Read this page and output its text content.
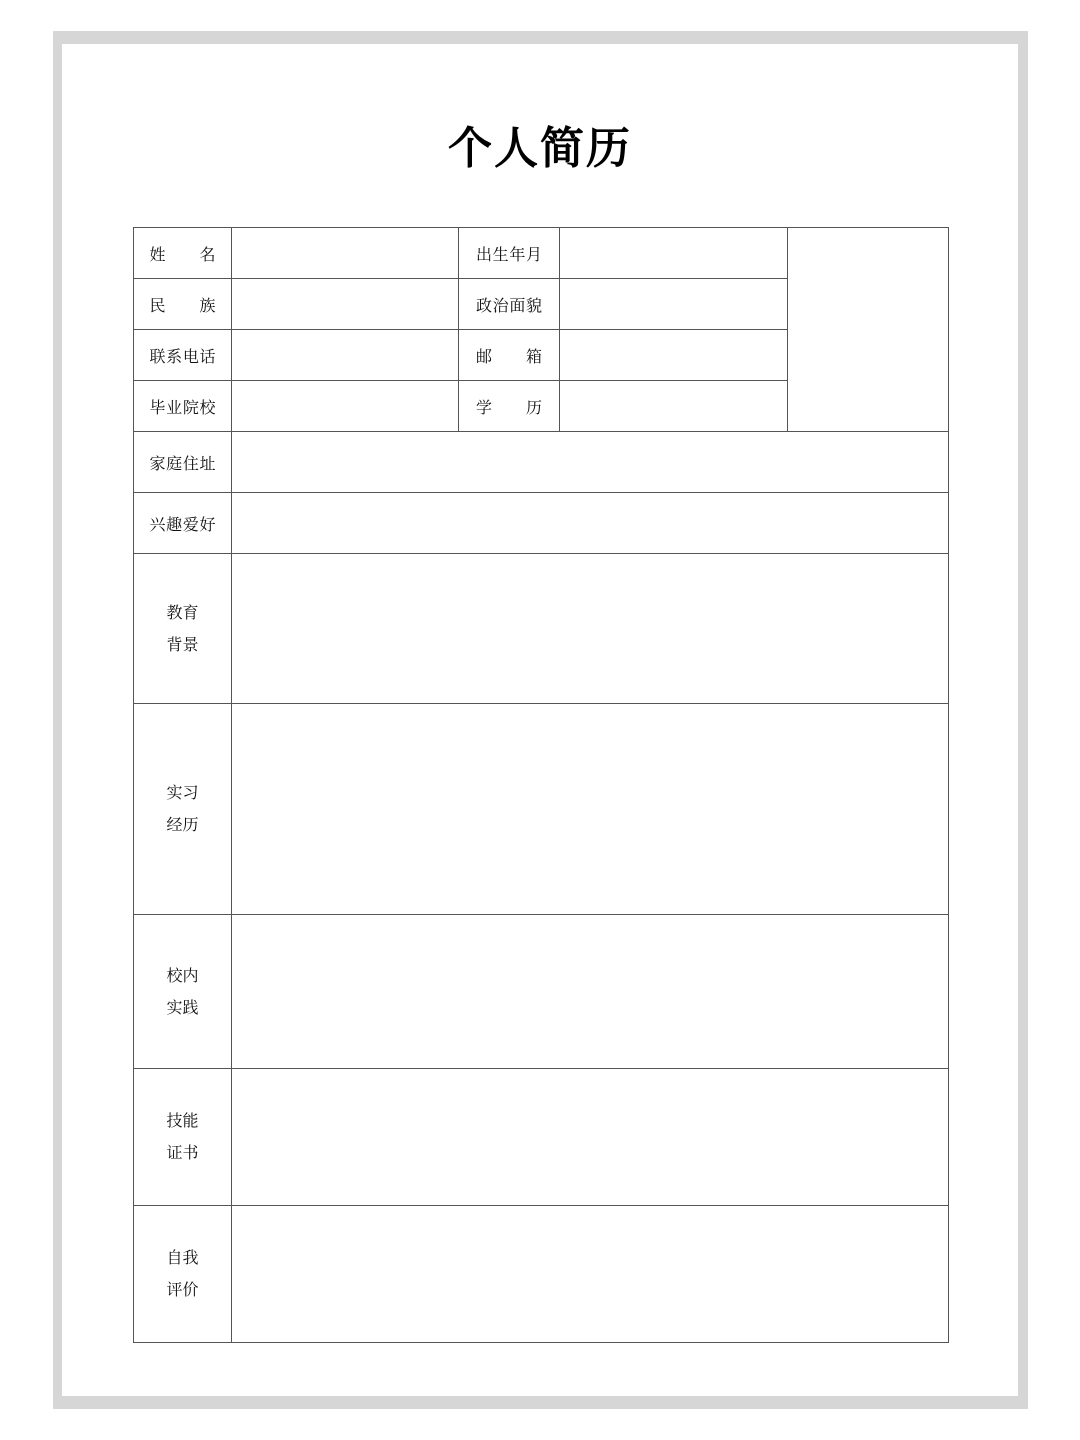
个人简历
姓　　名		出生年月		
民　　族		政治面貌		
联系电话		邮　　箱		
毕业院校		学　　历		
家庭住址				
兴趣爱好				

教育
背景				

实习
经历				

校内
实践				

技能
证书				

自我
评价				
